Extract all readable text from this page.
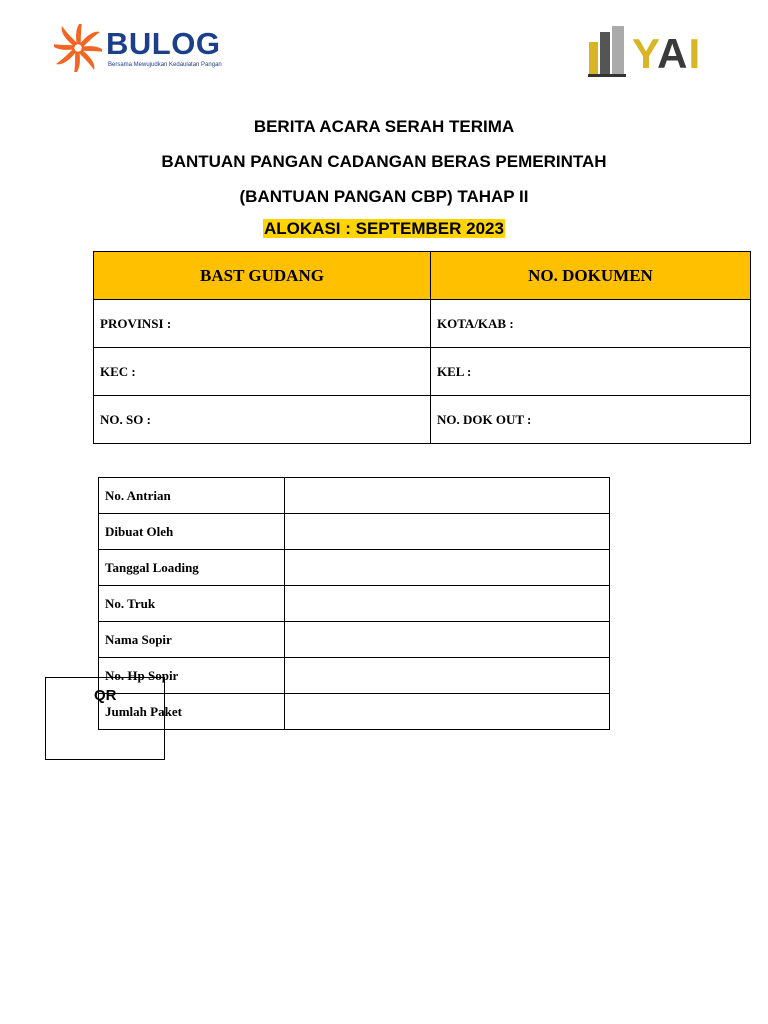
BULOG
Bersama Mewujudkan Kedaulatan Pangan	YAI
BERITA ACARA SERAH TERIMA
BANTUAN PANGAN CADANGAN BERAS PEMERINTAH
(BANTUAN PANGAN CBP) TAHAP II
ALOKASI : SEPTEMBER 2023
BAST GUDANG	NO. DOKUMEN
PROVINSI :	KOTA/KAB :
KEC :	KEL :
NO. SO :	NO. DOK OUT :
No. Antrian	
Dibuat Oleh	
Tanggal Loading	
No. Truk	
Nama Sopir	
No. Hp Sopir	
Jumlah Paket	
QR
